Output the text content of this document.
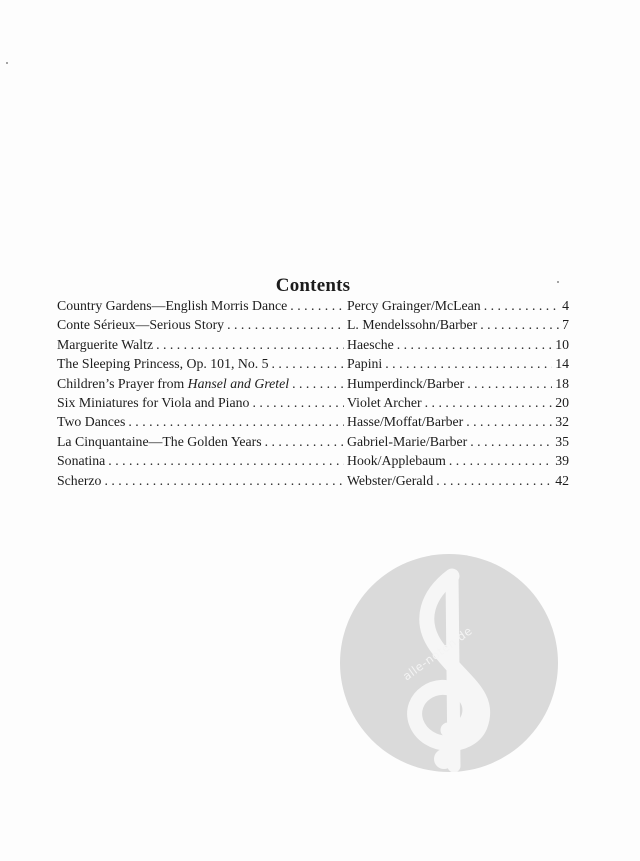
Contents
Country Gardens—English Morris Dance . . .	Percy Grainger/McLean . . .	4
Conte Sérieux—Serious Story . . .	L. Mendelssohn/Barber . . .	7
Marguerite Waltz . . .	Haesche . . .	10
The Sleeping Princess, Op. 101, No. 5 . . .	Papini . . .	14
Children’s Prayer from Hansel and Gretel . . .	Humperdinck/Barber . . .	18
Six Miniatures for Viola and Piano . . .	Violet Archer . . .	20
Two Dances . . .	Hasse/Moffat/Barber . . .	32
La Cinquantaine—The Golden Years . . .	Gabriel-Marie/Barber . . .	35
Sonatina . . .	Hook/Applebaum . . .	39
Scherzo . . .	Webster/Gerald . . .	42
alle-noten.de
